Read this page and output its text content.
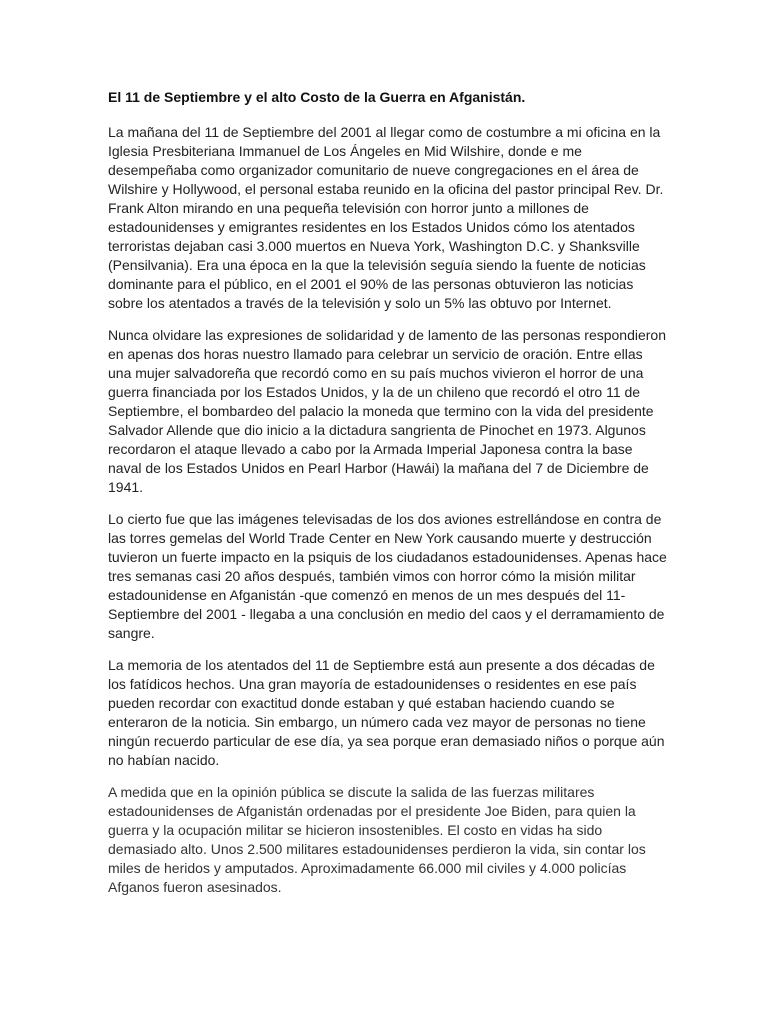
El 11 de Septiembre y el alto Costo de la Guerra en Afganistán.

La mañana del 11 de Septiembre del 2001 al llegar como de costumbre a mi oficina en la Iglesia Presbiteriana Immanuel de Los Ángeles en Mid Wilshire, donde e me desempeñaba como organizador comunitario de nueve congregaciones en el área de Wilshire y Hollywood, el personal estaba reunido en la oficina del pastor principal Rev. Dr. Frank Alton mirando en una pequeña televisión con horror junto a millones de estadounidenses y emigrantes residentes en los Estados Unidos cómo los atentados terroristas dejaban casi 3.000 muertos en Nueva York, Washington D.C. y Shanksville (Pensilvania). Era una época en la que la televisión seguía siendo la fuente de noticias dominante para el público, en el 2001 el 90% de las personas obtuvieron las noticias sobre los atentados a través de la televisión y solo un 5% las obtuvo por Internet.

Nunca olvidare las expresiones de solidaridad y de lamento de las personas respondieron en apenas dos horas nuestro llamado para celebrar un servicio de oración. Entre ellas una mujer salvadoreña que recordó como en su país muchos vivieron el horror de una guerra financiada por los Estados Unidos, y la de un chileno que recordó el otro 11 de Septiembre, el bombardeo del palacio la moneda que termino con la vida del presidente Salvador Allende que dio inicio a la dictadura sangrienta de Pinochet en 1973. Algunos recordaron el ataque llevado a cabo por la Armada Imperial Japonesa contra la base naval de los Estados Unidos en Pearl Harbor (Hawái) la mañana del 7 de Diciembre de 1941.

Lo cierto fue que las imágenes televisadas de los dos aviones estrellándose en contra de las torres gemelas del World Trade Center en New York causando muerte y destrucción tuvieron un fuerte impacto en la psiquis de los ciudadanos estadounidenses. Apenas hace tres semanas casi 20 años después, también vimos con horror cómo la misión militar estadounidense en Afganistán -que comenzó en menos de un mes después del 11-Septiembre del 2001 - llegaba a una conclusión en medio del caos y el derramamiento de sangre.

La memoria de los atentados del 11 de Septiembre está aun presente a dos décadas de los fatídicos hechos. Una gran mayoría de estadounidenses o residentes en ese país pueden recordar con exactitud donde estaban y qué estaban haciendo cuando se enteraron de la noticia. Sin embargo, un número cada vez mayor de personas no tiene ningún recuerdo particular de ese día, ya sea porque eran demasiado niños o porque aún no habían nacido.

A medida que en la opinión pública se discute la salida de las fuerzas militares estadounidenses de Afganistán ordenadas por el presidente Joe Biden, para quien la guerra y la ocupación militar se hicieron insostenibles. El costo en vidas ha sido demasiado alto. Unos 2.500 militares estadounidenses perdieron la vida, sin contar los miles de heridos y amputados. Aproximadamente 66.000 mil civiles y 4.000 policías Afganos fueron asesinados.
